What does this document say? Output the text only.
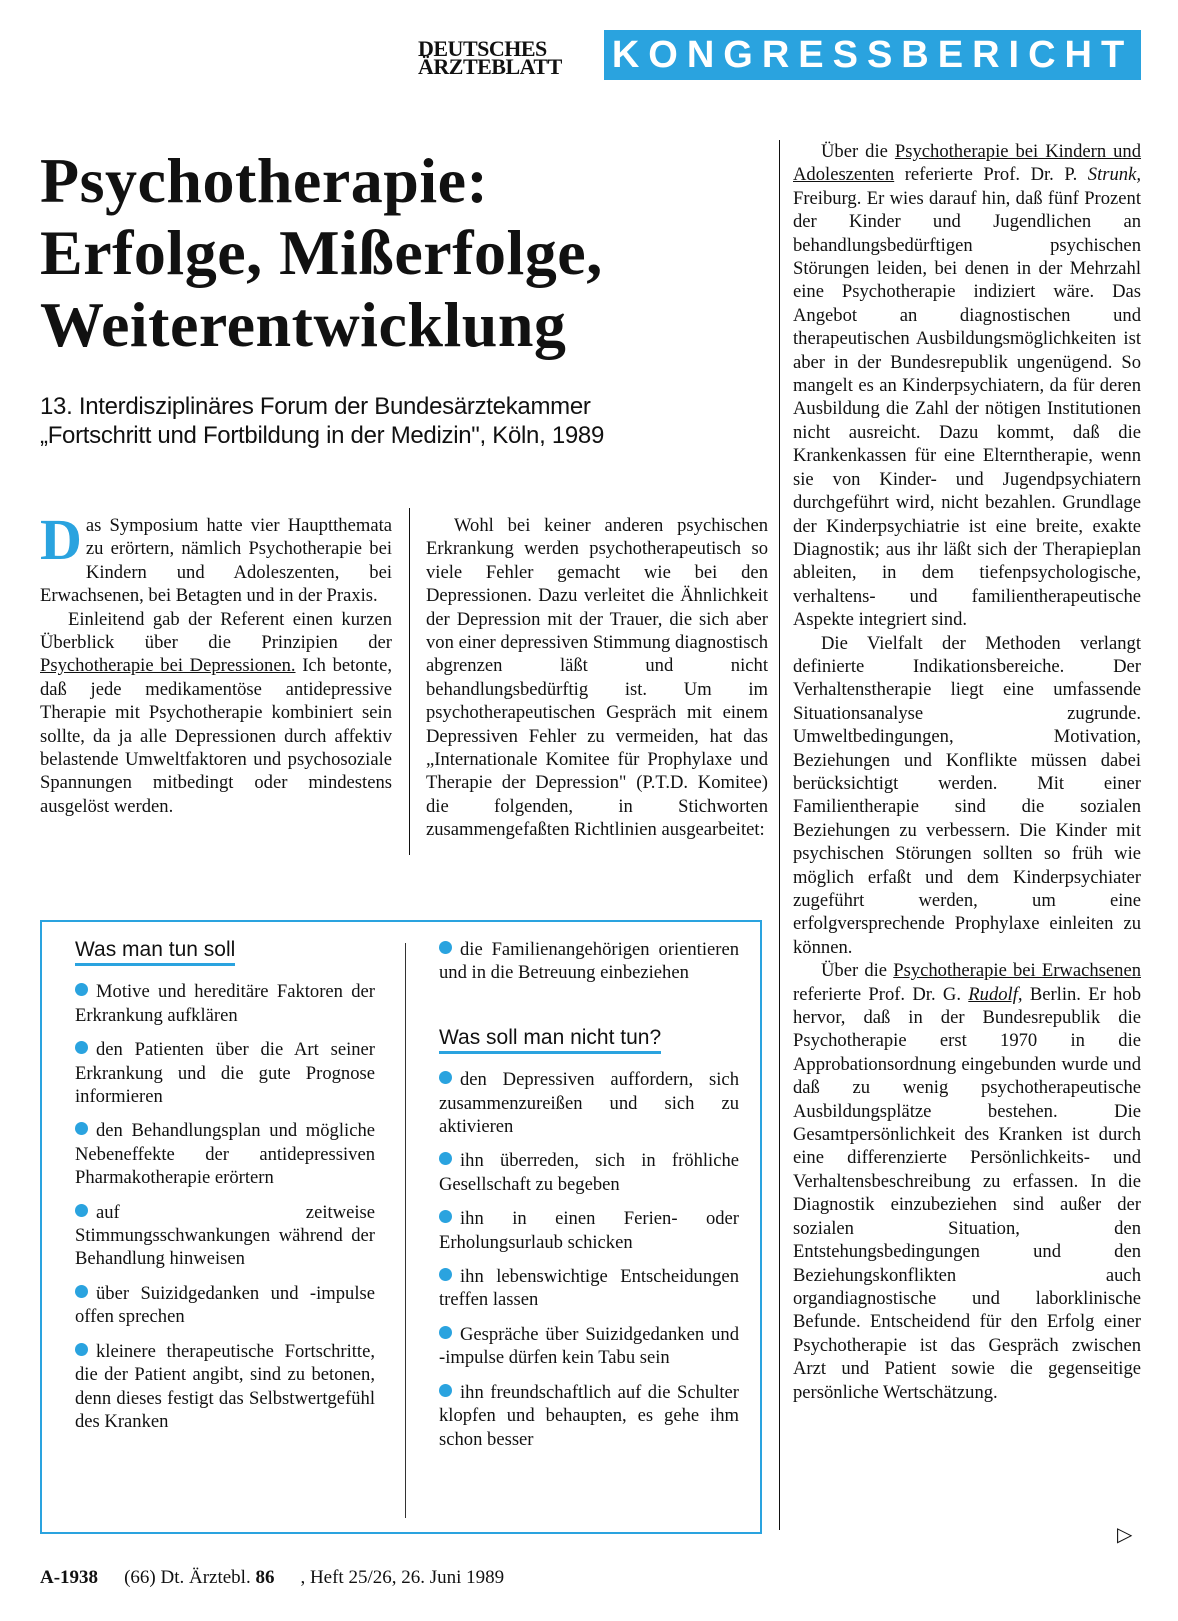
DEUTSCHES
ÄRZTEBLATT	KONGRESSBERICHT
Psychotherapie:
Erfolge, Mißerfolge,
Weiterentwicklung
13. Interdisziplinäres Forum der Bundesärztekammer
„Fortschritt und Fortbildung in der Medizin", Köln, 1989

Das Symposium hatte vier Hauptthemata zu erörtern, nämlich Psychotherapie bei Kindern und Adoleszenten, bei Erwachsenen, bei Betagten und in der Praxis.

Einleitend gab der Referent einen kurzen Überblick über die Prinzipien der Psychotherapie bei Depressionen. Ich betonte, daß jede medikamentöse antidepressive Therapie mit Psychotherapie kombiniert sein sollte, da ja alle Depressionen durch affektiv belastende Umweltfaktoren und psychosoziale Spannungen mitbedingt oder mindestens ausgelöst werden.

Wohl bei keiner anderen psychischen Erkrankung werden psychotherapeutisch so viele Fehler gemacht wie bei den Depressionen. Dazu verleitet die Ähnlichkeit der Depression mit der Trauer, die sich aber von einer depressiven Stimmung diagnostisch abgrenzen läßt und nicht behandlungsbedürftig ist. Um im psychotherapeutischen Gespräch mit einem Depressiven Fehler zu vermeiden, hat das „Internationale Komitee für Prophylaxe und Therapie der Depression" (P.T.D. Komitee) die folgenden, in Stichworten zusammengefaßten Richtlinien ausgearbeitet:

Über die Psychotherapie bei Kindern und Adoleszenten referierte Prof. Dr. P. Strunk, Freiburg. Er wies darauf hin, daß fünf Prozent der Kinder und Jugendlichen an behandlungsbedürftigen psychischen Störungen leiden, bei denen in der Mehrzahl eine Psychotherapie indiziert wäre. Das Angebot an diagnostischen und therapeutischen Ausbildungsmöglichkeiten ist aber in der Bundesrepublik ungenügend. So mangelt es an Kinderpsychiatern, da für deren Ausbildung die Zahl der nötigen Institutionen nicht ausreicht. Dazu kommt, daß die Krankenkassen für eine Elterntherapie, wenn sie von Kinder- und Jugendpsychiatern durchgeführt wird, nicht bezahlen. Grundlage der Kinderpsychiatrie ist eine breite, exakte Diagnostik; aus ihr läßt sich der Therapieplan ableiten, in dem tiefenpsychologische, verhaltens- und familientherapeutische Aspekte integriert sind.

Die Vielfalt der Methoden verlangt definierte Indikationsbereiche. Der Verhaltenstherapie liegt eine umfassende Situationsanalyse zugrunde. Umweltbedingungen, Motivation, Beziehungen und Konflikte müssen dabei berücksichtigt werden. Mit einer Familientherapie sind die sozialen Beziehungen zu verbessern. Die Kinder mit psychischen Störungen sollten so früh wie möglich erfaßt und dem Kinderpsychiater zugeführt werden, um eine erfolgversprechende Prophylaxe einleiten zu können.

Über die Psychotherapie bei Erwachsenen referierte Prof. Dr. G. Rudolf, Berlin. Er hob hervor, daß in der Bundesrepublik die Psychotherapie erst 1970 in die Approbationsordnung eingebunden wurde und daß zu wenig psychotherapeutische Ausbildungsplätze bestehen. Die Gesamtpersönlichkeit des Kranken ist durch eine differenzierte Persönlichkeits- und Verhaltensbeschreibung zu erfassen. In die Diagnostik einzubeziehen sind außer der sozialen Situation, den Entstehungsbedingungen und den Beziehungskonflikten auch organdiagnostische und laborklinische Befunde. Entscheidend für den Erfolg einer Psychotherapie ist das Gespräch zwischen Arzt und Patient sowie die gegenseitige persönliche Wertschätzung.

Was man tun soll
Motive und hereditäre Faktoren der Erkrankung aufklären
den Patienten über die Art seiner Erkrankung und die gute Prognose informieren
den Behandlungsplan und mögliche Nebeneffekte der antidepressiven Pharmakotherapie erörtern
auf zeitweise Stimmungsschwankungen während der Behandlung hinweisen
über Suizidgedanken und -impulse offen sprechen
kleinere therapeutische Fortschritte, die der Patient angibt, sind zu betonen, denn dieses festigt das Selbstwertgefühl des Kranken
die Familienangehörigen orientieren und in die Betreuung einbeziehen
Was soll man nicht tun?
den Depressiven auffordern, sich zusammenzureißen und sich zu aktivieren
ihn überreden, sich in fröhliche Gesellschaft zu begeben
ihn in einen Ferien- oder Erholungsurlaub schicken
ihn lebenswichtige Entscheidungen treffen lassen
Gespräche über Suizidgedanken und -impulse dürfen kein Tabu sein
ihn freundschaftlich auf die Schulter klopfen und behaupten, es gehe ihm schon besser
▷
A-1938 (66) Dt. Ärztebl. 86 , Heft 25/26, 26. Juni 1989
